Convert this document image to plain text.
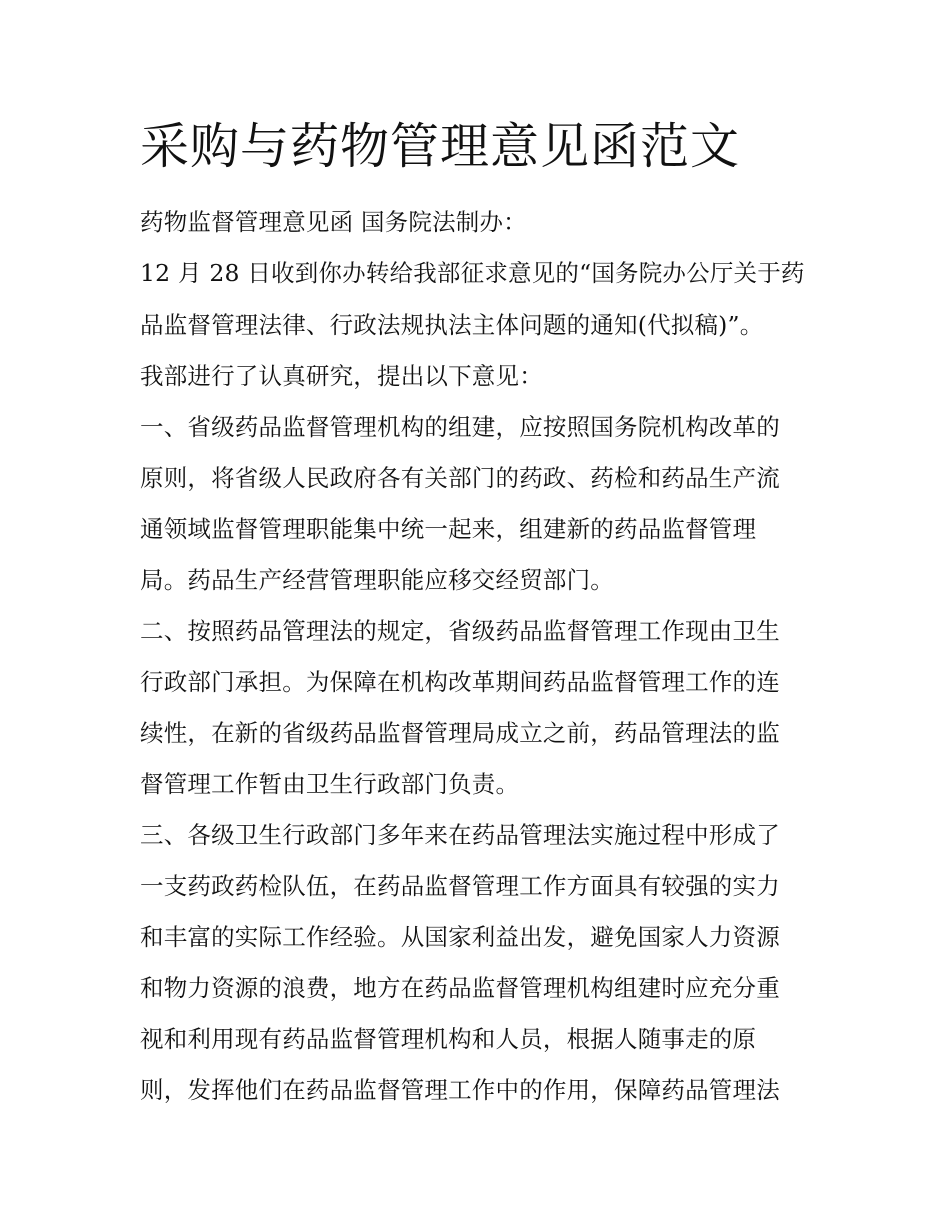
采购与药物管理意见函范文

药物监督管理意见函 国务院法制办：

12 月 28 日收到你办转给我部征求意见的“国务院办公厅关于药

品监督管理法律、行政法规执法主体问题的通知(代拟稿)”。

我部进行了认真研究，提出以下意见：

一、省级药品监督管理机构的组建，应按照国务院机构改革的

原则，将省级人民政府各有关部门的药政、药检和药品生产流

通领域监督管理职能集中统一起来，组建新的药品监督管理

局。药品生产经营管理职能应移交经贸部门。

二、按照药品管理法的规定，省级药品监督管理工作现由卫生

行政部门承担。为保障在机构改革期间药品监督管理工作的连

续性，在新的省级药品监督管理局成立之前，药品管理法的监

督管理工作暂由卫生行政部门负责。

三、各级卫生行政部门多年来在药品管理法实施过程中形成了

一支药政药检队伍，在药品监督管理工作方面具有较强的实力

和丰富的实际工作经验。从国家利益出发，避免国家人力资源

和物力资源的浪费，地方在药品监督管理机构组建时应充分重

视和利用现有药品监督管理机构和人员，根据人随事走的原

则，发挥他们在药品监督管理工作中的作用，保障药品管理法
